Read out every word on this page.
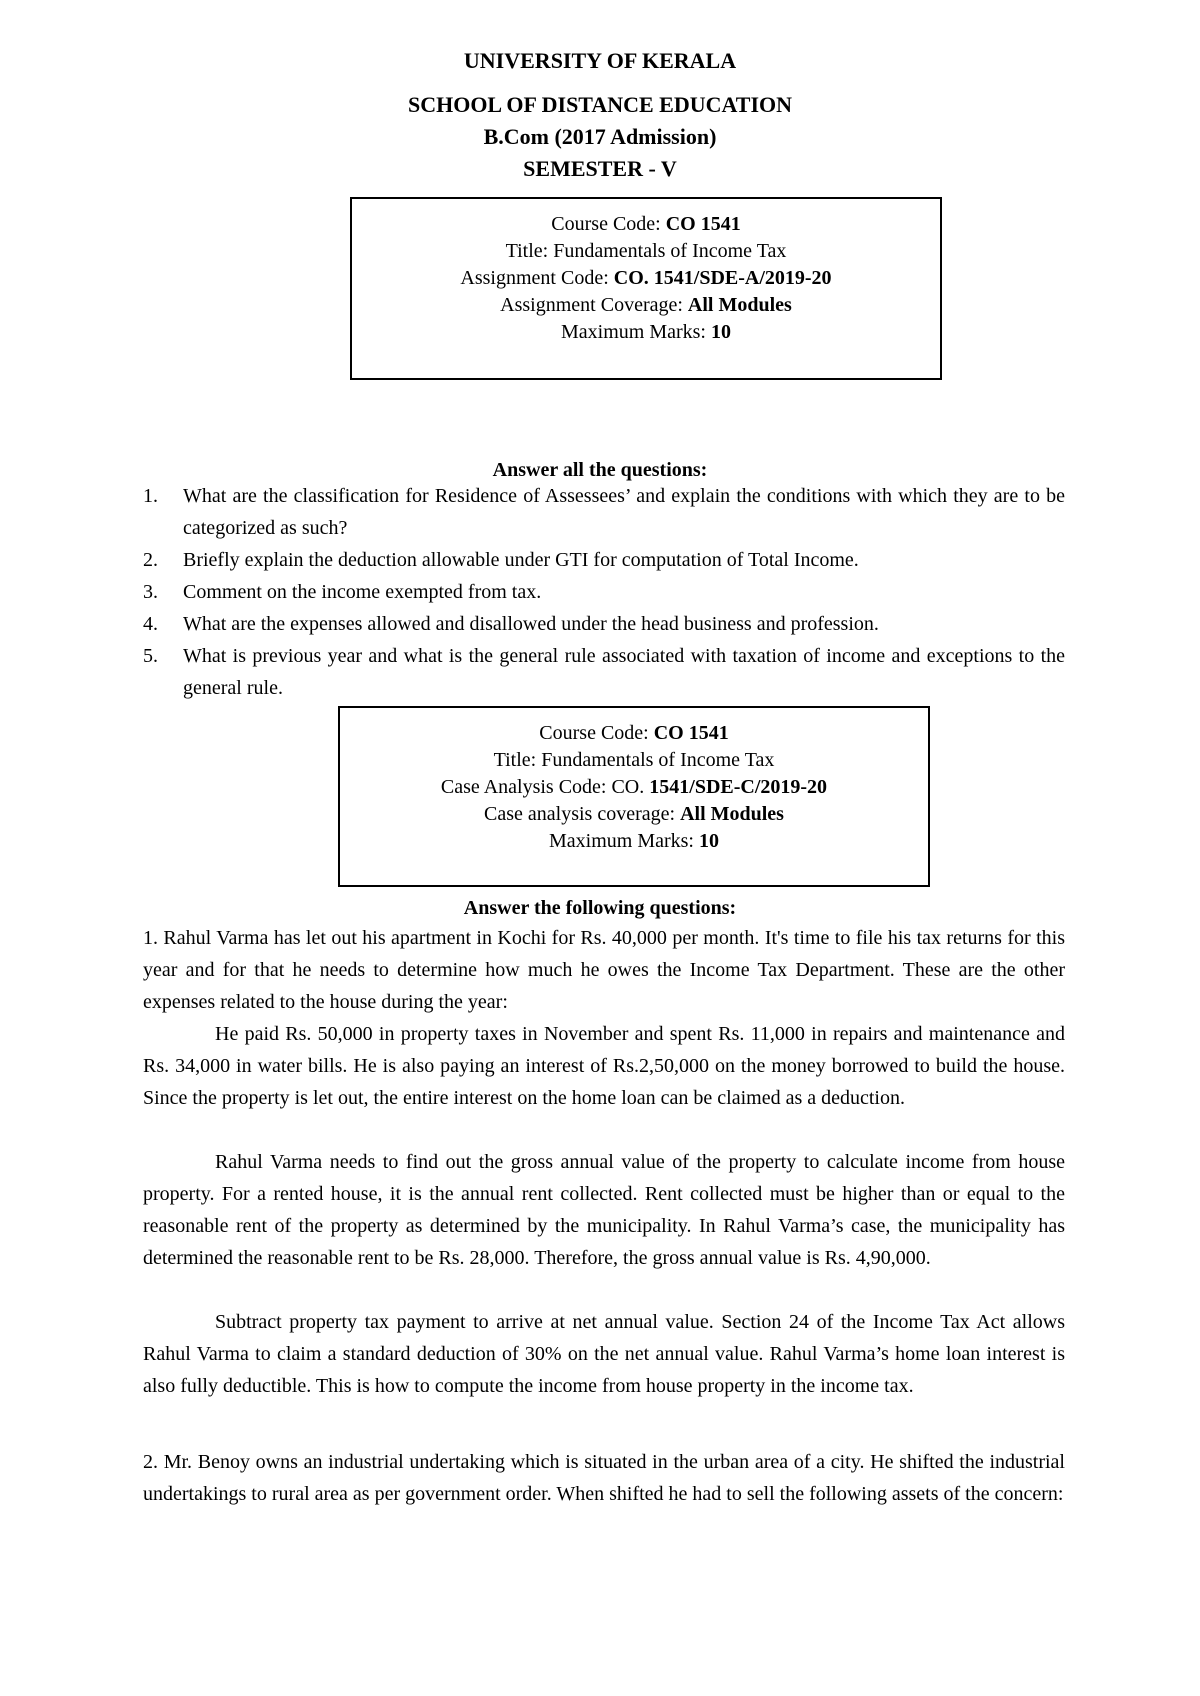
UNIVERSITY OF KERALA
SCHOOL OF DISTANCE EDUCATION
B.Com (2017 Admission)
SEMESTER - V
Course Code: CO 1541
Title: Fundamentals of Income Tax
Assignment Code: CO. 1541/SDE-A/2019-20
Assignment Coverage: All Modules
Maximum Marks: 10
Answer all the questions:
1. What are the classification for Residence of Assessees’ and explain the conditions with which they are to be categorized as such?
2. Briefly explain the deduction allowable under GTI for computation of Total Income.
3. Comment on the income exempted from tax.
4. What are the expenses allowed and disallowed under the head business and profession.
5. What is previous year and what is the general rule associated with taxation of income and exceptions to the general rule.
Course Code: CO 1541
Title: Fundamentals of Income Tax
Case Analysis Code: CO. 1541/SDE-C/2019-20
Case analysis coverage: All Modules
Maximum Marks: 10
Answer the following questions:

1. Rahul Varma has let out his apartment in Kochi for Rs. 40,000 per month. It's time to file his tax returns for this year and for that he needs to determine how much he owes the Income Tax Department. These are the other expenses related to the house during the year:

He paid Rs. 50,000 in property taxes in November and spent Rs. 11,000 in repairs and maintenance and Rs. 34,000 in water bills. He is also paying an interest of Rs.2,50,000 on the money borrowed to build the house. Since the property is let out, the entire interest on the home loan can be claimed as a deduction.

Rahul Varma needs to find out the gross annual value of the property to calculate income from house property. For a rented house, it is the annual rent collected. Rent collected must be higher than or equal to the reasonable rent of the property as determined by the municipality. In Rahul Varma’s case, the municipality has determined the reasonable rent to be Rs. 28,000. Therefore, the gross annual value is Rs. 4,90,000.

Subtract property tax payment to arrive at net annual value. Section 24 of the Income Tax Act allows Rahul Varma to claim a standard deduction of 30% on the net annual value. Rahul Varma’s home loan interest is also fully deductible. This is how to compute the income from house property in the income tax.

2. Mr. Benoy owns an industrial undertaking which is situated in the urban area of a city. He shifted the industrial undertakings to rural area as per government order. When shifted he had to sell the following assets of the concern:
